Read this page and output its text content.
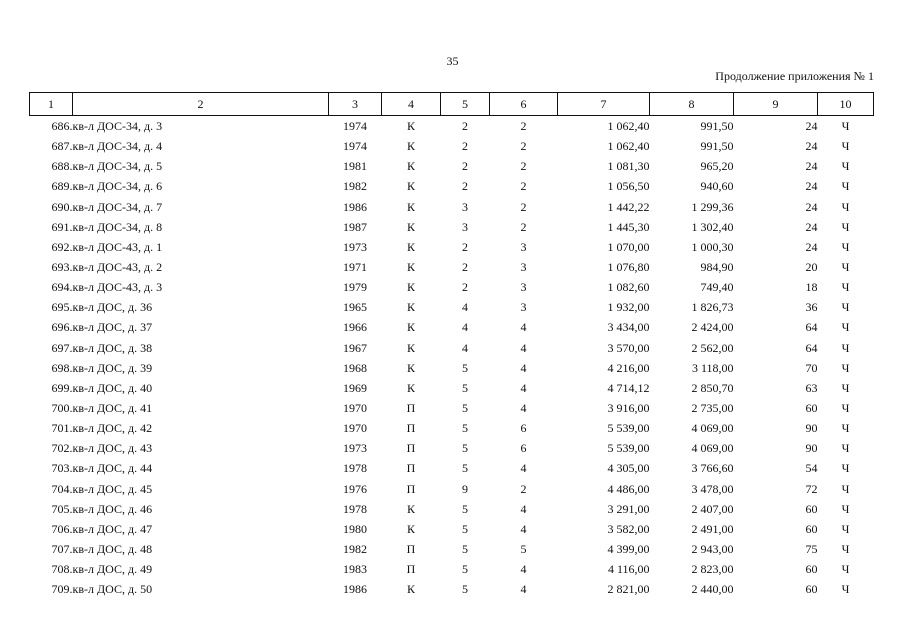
35
Продолжение приложения № 1
1	2	3	4	5	6	7	8	9	10
686.	кв-л ДОС-34, д. 3	1974	К	2	2	1 062,40	991,50	24	Ч
687.	кв-л ДОС-34, д. 4	1974	К	2	2	1 062,40	991,50	24	Ч
688.	кв-л ДОС-34, д. 5	1981	К	2	2	1 081,30	965,20	24	Ч
689.	кв-л ДОС-34, д. 6	1982	К	2	2	1 056,50	940,60	24	Ч
690.	кв-л ДОС-34, д. 7	1986	К	3	2	1 442,22	1 299,36	24	Ч
691.	кв-л ДОС-34, д. 8	1987	К	3	2	1 445,30	1 302,40	24	Ч
692.	кв-л ДОС-43, д. 1	1973	К	2	3	1 070,00	1 000,30	24	Ч
693.	кв-л ДОС-43, д. 2	1971	К	2	3	1 076,80	984,90	20	Ч
694.	кв-л ДОС-43, д. 3	1979	К	2	3	1 082,60	749,40	18	Ч
695.	кв-л ДОС, д. 36	1965	К	4	3	1 932,00	1 826,73	36	Ч
696.	кв-л ДОС, д. 37	1966	К	4	4	3 434,00	2 424,00	64	Ч
697.	кв-л ДОС, д. 38	1967	К	4	4	3 570,00	2 562,00	64	Ч
698.	кв-л ДОС, д. 39	1968	К	5	4	4 216,00	3 118,00	70	Ч
699.	кв-л ДОС, д. 40	1969	К	5	4	4 714,12	2 850,70	63	Ч
700.	кв-л ДОС, д. 41	1970	П	5	4	3 916,00	2 735,00	60	Ч
701.	кв-л ДОС, д. 42	1970	П	5	6	5 539,00	4 069,00	90	Ч
702.	кв-л ДОС, д. 43	1973	П	5	6	5 539,00	4 069,00	90	Ч
703.	кв-л ДОС, д. 44	1978	П	5	4	4 305,00	3 766,60	54	Ч
704.	кв-л ДОС, д. 45	1976	П	9	2	4 486,00	3 478,00	72	Ч
705.	кв-л ДОС, д. 46	1978	К	5	4	3 291,00	2 407,00	60	Ч
706.	кв-л ДОС, д. 47	1980	К	5	4	3 582,00	2 491,00	60	Ч
707.	кв-л ДОС, д. 48	1982	П	5	5	4 399,00	2 943,00	75	Ч
708.	кв-л ДОС, д. 49	1983	П	5	4	4 116,00	2 823,00	60	Ч
709.	кв-л ДОС, д. 50	1986	К	5	4	2 821,00	2 440,00	60	Ч
